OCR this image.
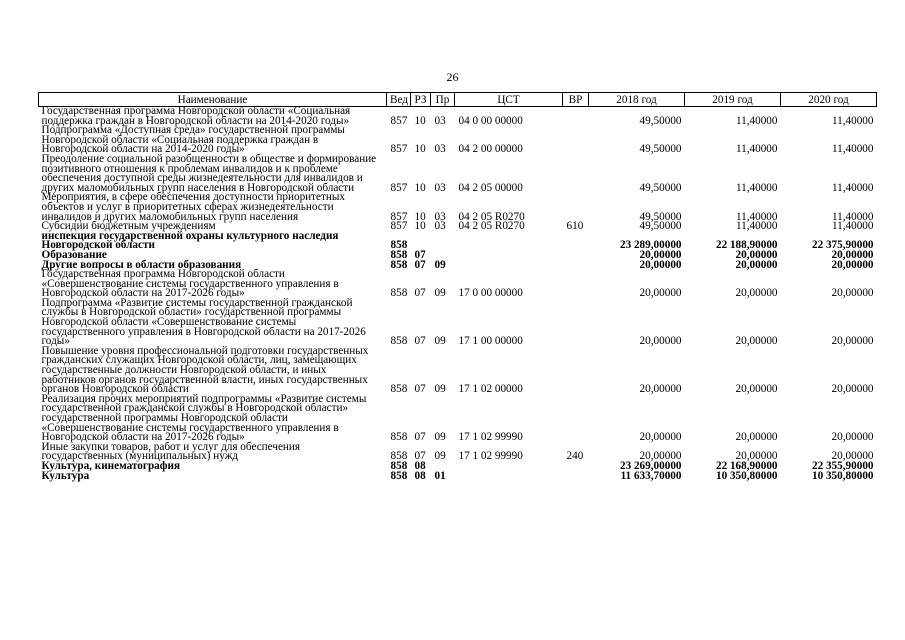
26
Наименование	Вед	РЗ	Пр	ЦСТ	ВР	2018 год	2019 год	2020 год

Государственная программа Новгородской области «Социальная поддержка граждан в Новгородской области на 2014-2020 годы»	857	10	03	04 0 00 00000		49,50000	11,40000	11,40000

Подпрограмма «Доступная среда» государственной программы Новгородской области «Социальная поддержка граждан в Новгородской области на 2014-2020 годы»	857	10	03	04 2 00 00000		49,50000	11,40000	11,40000

Преодоление социальной разобщенности в обществе и формирование позитивного отношения к проблемам инвалидов и к проблеме обеспечения доступной среды жизнедеятельности для инвалидов и других маломобильных групп населения в Новгородской области	857	10	03	04 2 05 00000		49,50000	11,40000	11,40000

Мероприятия, в сфере обеспечения доступности приоритетных объектов и услуг в приоритетных сферах жизнедеятельности инвалидов и других маломобильных групп населения	857	10	03	04 2 05 R0270		49,50000	11,40000	11,40000

Субсидии бюджетным учреждениям	857	10	03	04 2 05 R0270	610	49,50000	11,40000	11,40000

инспекция государственной охраны культурного наследия Новгородской области	858					23 289,00000	22 188,90000	22 375,90000

Образование	858	07				20,00000	20,00000	20,00000

Другие вопросы в области образования	858	07	09			20,00000	20,00000	20,00000

Государственная программа Новгородской области «Совершенствование системы государственного управления в Новгородской области на 2017-2026 годы»	858	07	09	17 0 00 00000		20,00000	20,00000	20,00000

Подпрограмма «Развитие системы государственной гражданской службы в Новгородской области» государственной программы Новгородской области «Совершенствование системы государственного управления в Новгородской области на 2017-2026 годы»	858	07	09	17 1 00 00000		20,00000	20,00000	20,00000

Повышение уровня профессиональной подготовки государственных гражданских служащих Новгородской области, лиц, замещающих государственные должности Новгородской области, и иных работников органов государственной власти, иных государственных органов Новгородской области	858	07	09	17 1 02 00000		20,00000	20,00000	20,00000

Реализация прочих мероприятий подпрограммы «Развитие системы государственной гражданской службы в Новгородской области» государственной программы Новгородской области «Совершенствование системы государственного управления в Новгородской области на 2017-2026 годы»	858	07	09	17 1 02 99990		20,00000	20,00000	20,00000

Иные закупки товаров, работ и услуг для обеспечения государственных (муниципальных) нужд	858	07	09	17 1 02 99990	240	20,00000	20,00000	20,00000

Культура, кинематография	858	08				23 269,00000	22 168,90000	22 355,90000

Культура	858	08	01			11 633,70000	10 350,80000	10 350,80000
